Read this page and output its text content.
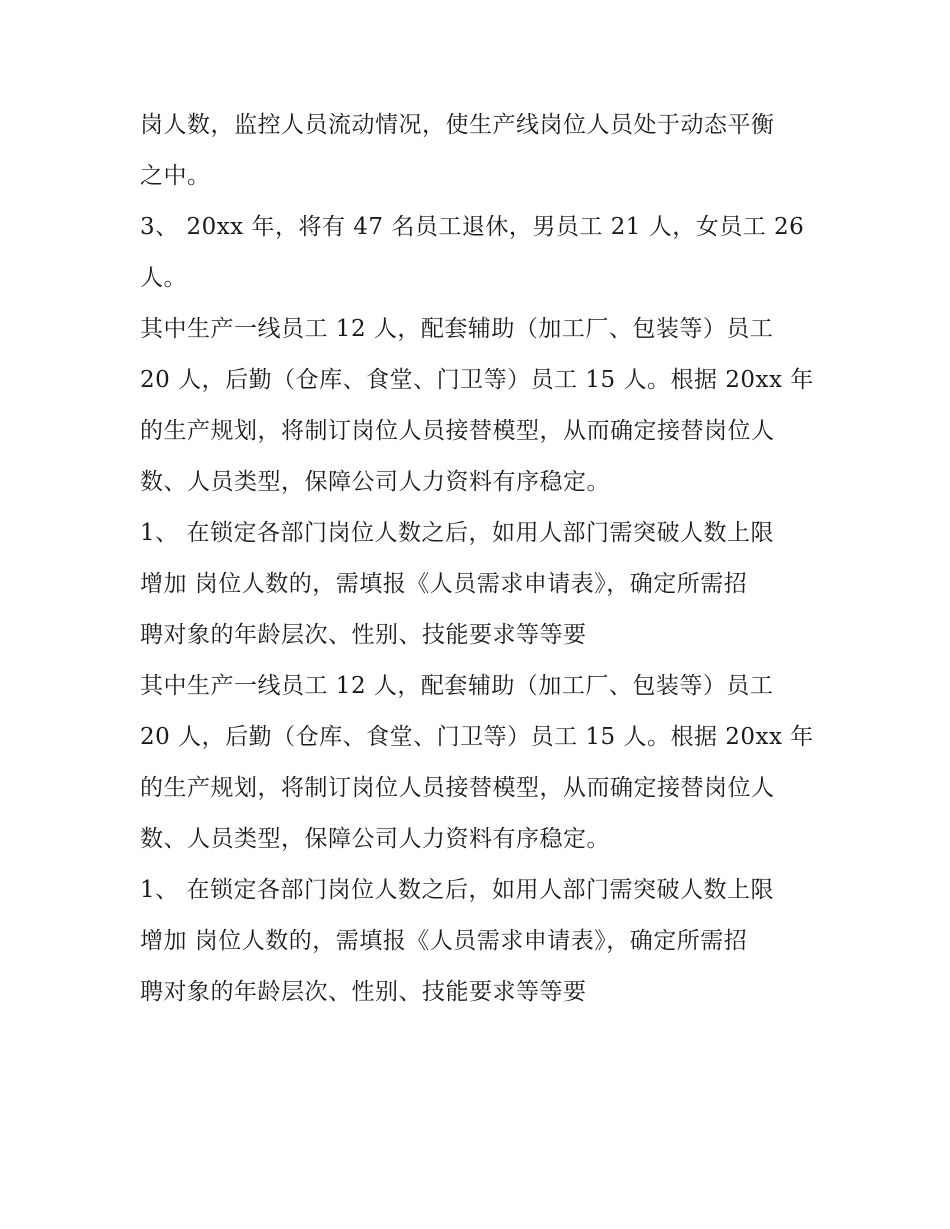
岗人数，监控人员流动情况，使生产线岗位人员处于动态平衡
之中。
3、 20xx 年，将有 47 名员工退休，男员工 21 人，女员工 26
人。
其中生产一线员工 12 人，配套辅助（加工厂、包装等）员工
20 人，后勤（仓库、食堂、门卫等）员工 15 人。根据 20xx 年
的生产规划，将制订岗位人员接替模型，从而确定接替岗位人
数、人员类型，保障公司人力资料有序稳定。
1、 在锁定各部门岗位人数之后，如用人部门需突破人数上限
增加 岗位人数的，需填报《人员需求申请表》，确定所需招
聘对象的年龄层次、性别、技能要求等等要
其中生产一线员工 12 人，配套辅助（加工厂、包装等）员工
20 人，后勤（仓库、食堂、门卫等）员工 15 人。根据 20xx 年
的生产规划，将制订岗位人员接替模型，从而确定接替岗位人
数、人员类型，保障公司人力资料有序稳定。
1、 在锁定各部门岗位人数之后，如用人部门需突破人数上限
增加 岗位人数的，需填报《人员需求申请表》，确定所需招
聘对象的年龄层次、性别、技能要求等等要
